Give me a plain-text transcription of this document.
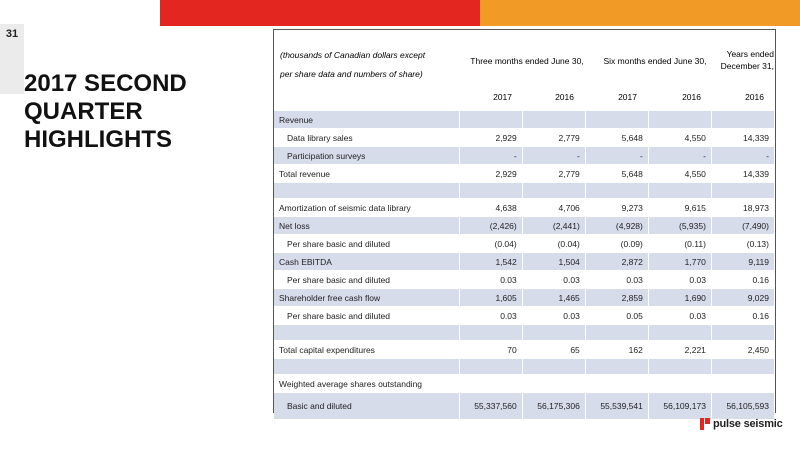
31
2017 SECOND QUARTER
HIGHLIGHTS
(thousands of Canadian dollars except
per share data and numbers of share)
Three months ended June 30,	Six months ended June 30,
Years ended
December 31,
2017	2016	2017	2016	2016
Revenue					
Data library sales	2,929	2,779	5,648	4,550	14,339
Participation surveys	-	-	-	-	-
Total revenue	2,929	2,779	5,648	4,550	14,339

Amortization of seismic data library	4,638	4,706	9,273	9,615	18,973
Net loss	(2,426)	(2,441)	(4,928)	(5,935)	(7,490)
Per share basic and diluted	(0.04)	(0.04)	(0.09)	(0.11)	(0.13)
Cash EBITDA	1,542	1,504	2,872	1,770	9,119
Per share basic and diluted	0.03	0.03	0.03	0.03	0.16
Shareholder free cash flow	1,605	1,465	2,859	1,690	9,029
Per share basic and diluted	0.03	0.03	0.05	0.03	0.16

Total capital expenditures	70	65	162	2,221	2,450

Weighted average shares outstanding					
Basic and diluted	55,337,560	56,175,306	55,539,541	56,109,173	56,105,593
pulse seismic
